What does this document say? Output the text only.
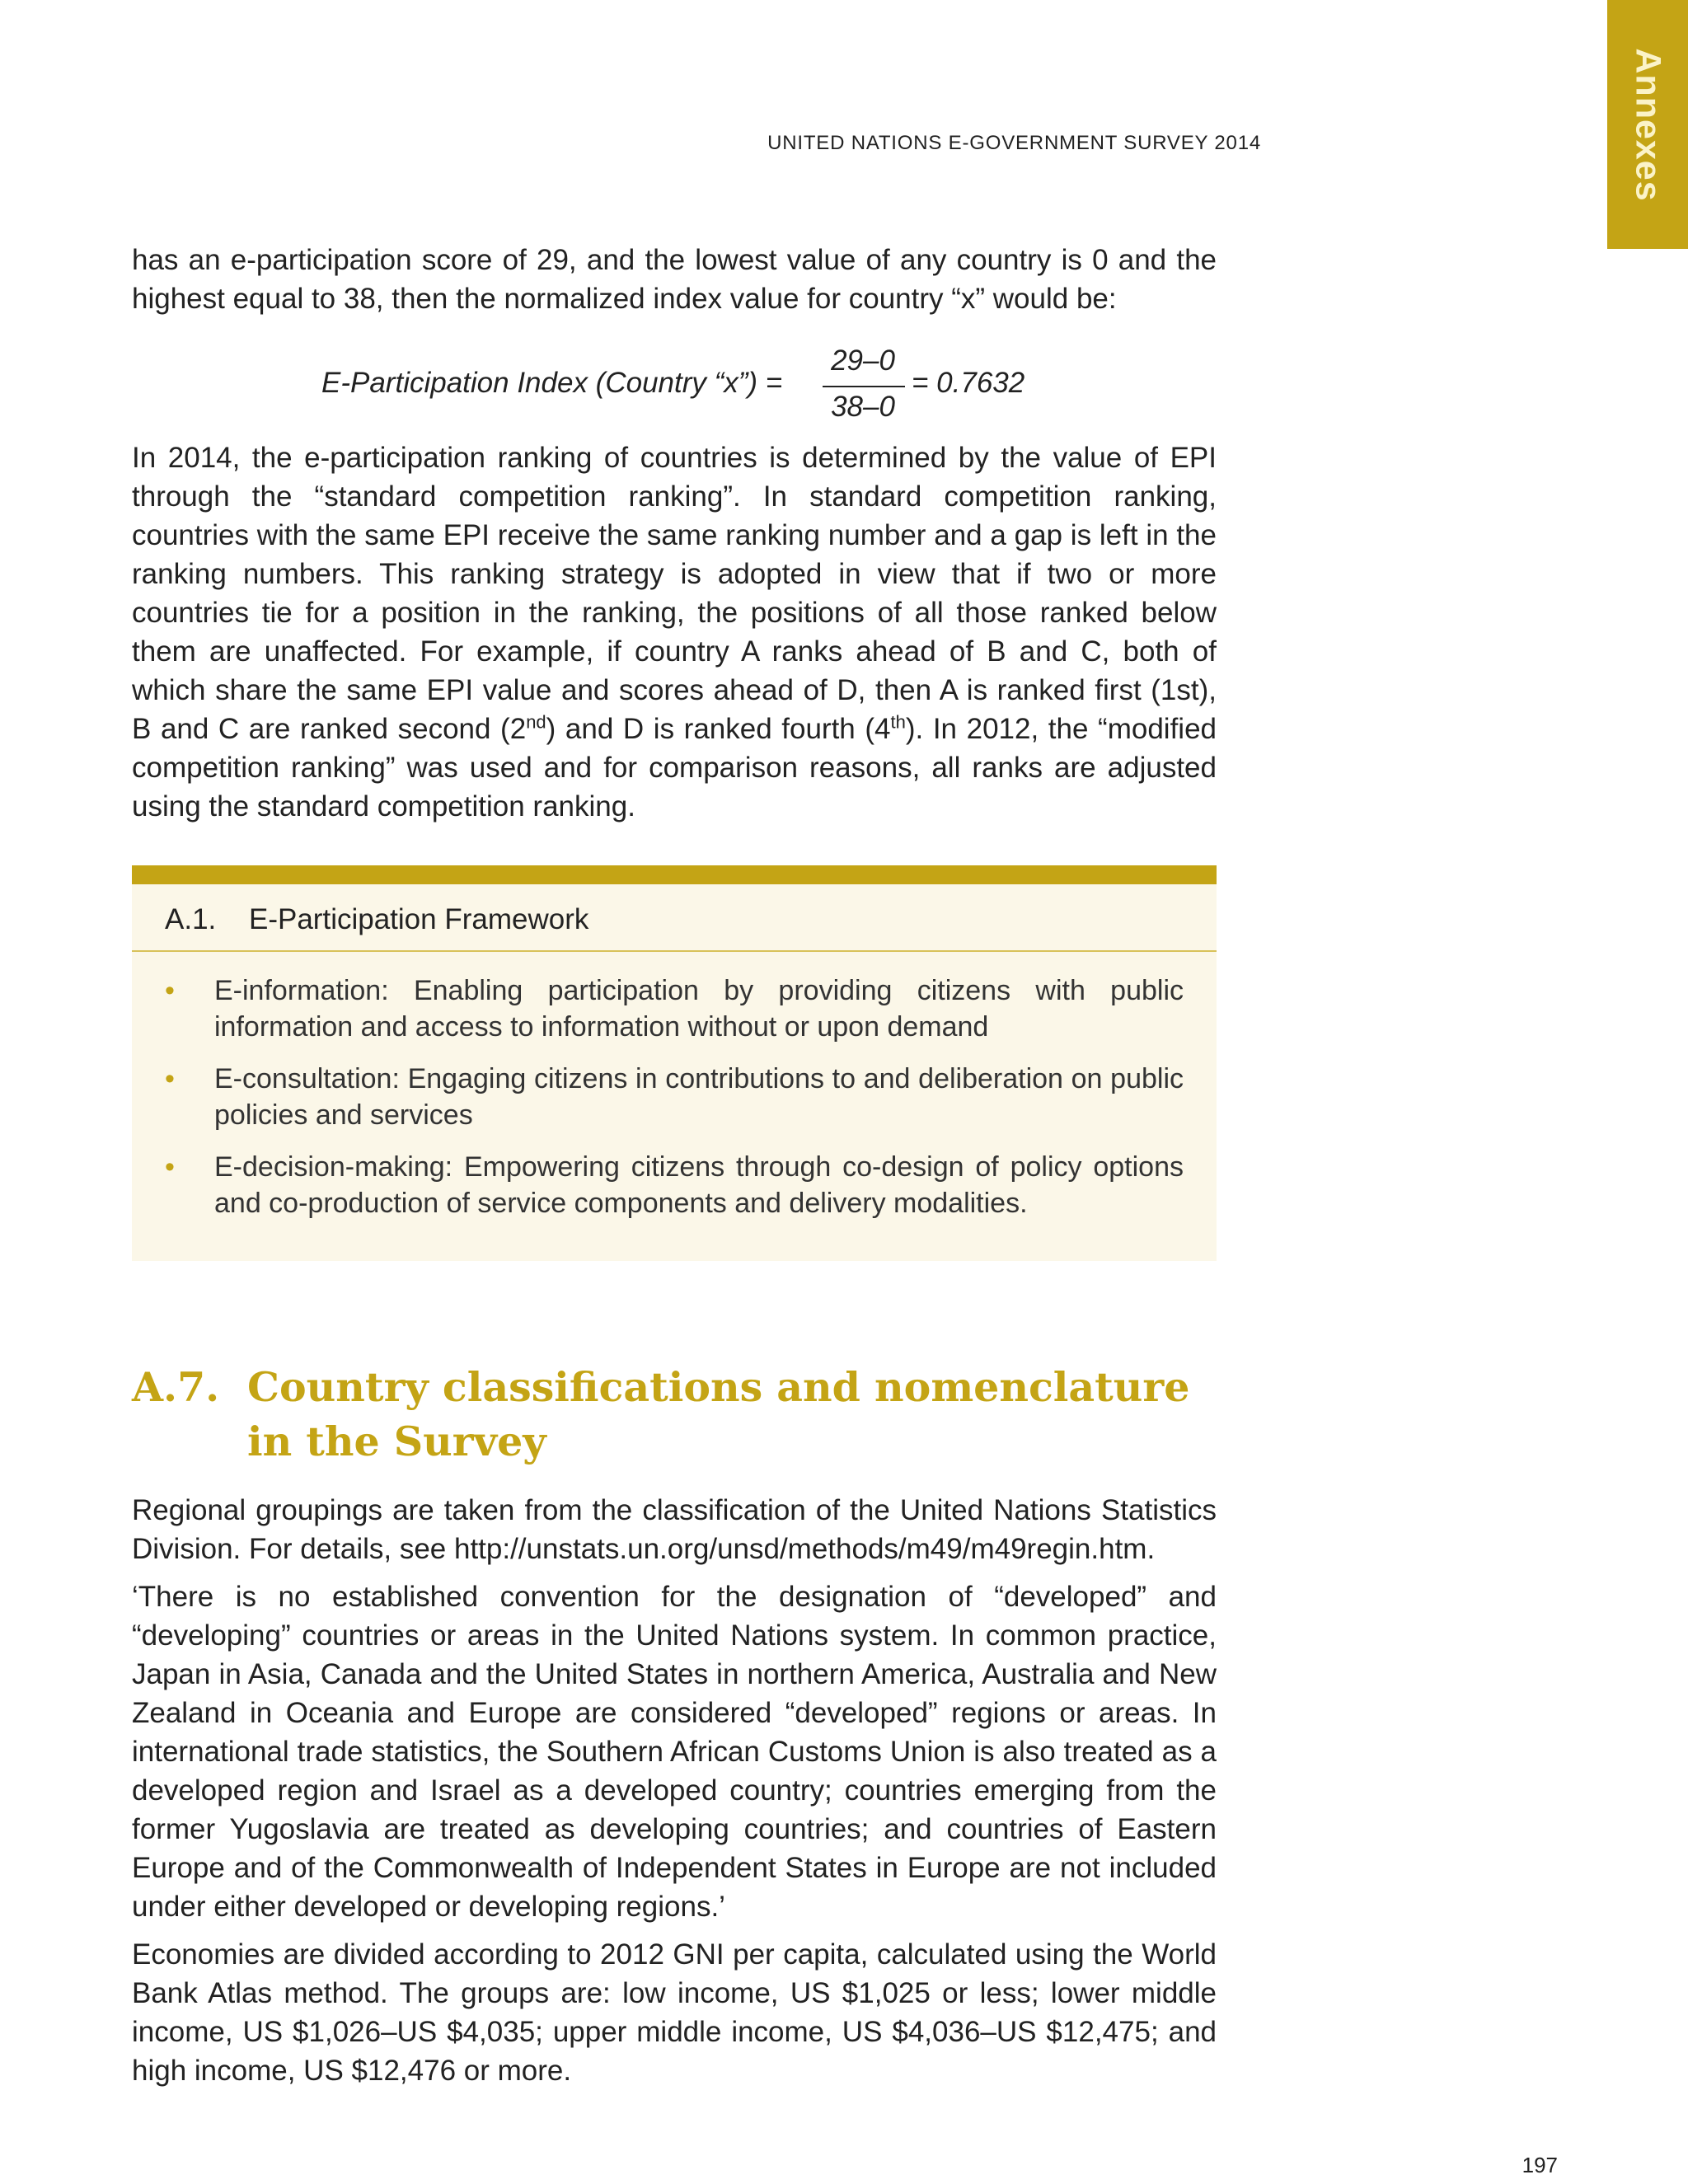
Annexes
UNITED NATIONS E-GOVERNMENT SURVEY 2014

has an e-participation score of 29, and the lowest value of any country is 0 and the highest equal to 38, then the normalized index value for country “x” would be:

E-Participation Index (Country “x”) =
29–0
38–0
= 0.7632

In 2014, the e-participation ranking of countries is determined by the value of EPI through the “standard competition ranking”. In standard competition ranking, countries with the same EPI receive the same ranking number and a gap is left in the ranking numbers. This ranking strategy is adopted in view that if two or more countries tie for a position in the ranking, the positions of all those ranked below them are unaffected. For example, if country A ranks ahead of B and C, both of which share the same EPI value and scores ahead of D, then A is ranked first (1st), B and C are ranked second (2nd) and D is ranked fourth (4th). In 2012, the “modified competition ranking” was used and for comparison reasons, all ranks are adjusted using the standard competition ranking.

A.1. E-Participation Framework
• E-information: Enabling participation by providing citizens with public information and access to information without or upon demand

• E-consultation: Engaging citizens in contributions to and deliberation on public policies and services

• E-decision-making: Empowering citizens through co-design of policy options and co-production of service components and delivery modalities.

A.7. Country classifications and nomenclature in the Survey

Regional groupings are taken from the classification of the United Nations Statistics Division. For details, see http://unstats.un.org/unsd/methods/m49/m49regin.htm.

‘There is no established convention for the designation of “developed” and “developing” countries or areas in the United Nations system. In common practice, Japan in Asia, Canada and the United States in northern America, Australia and New Zealand in Oceania and Europe are considered “developed” regions or areas. In international trade statistics, the Southern African Customs Union is also treated as a developed region and Israel as a developed country; countries emerging from the former Yugoslavia are treated as developing countries; and countries of Eastern Europe and of the Commonwealth of Independent States in Europe are not included under either developed or developing regions.’

Economies are divided according to 2012 GNI per capita, calculated using the World Bank Atlas method. The groups are: low income, US $1,025 or less; lower middle income, US $1,026–US $4,035; upper middle income, US $4,036–US $12,475; and high income, US $12,476 or more.

197
